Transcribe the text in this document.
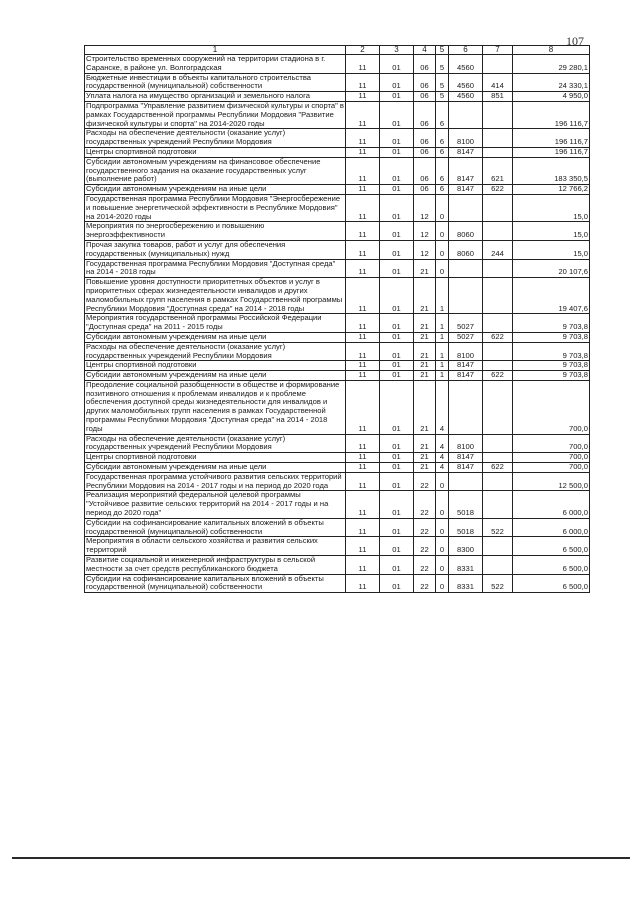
107
1	2	3	4	5	6	7	8
Строительство временных сооружений на территории стадиона в г. Саранске, в районе ул. Волгоградская	11	01	06	5	4560		29 280,1
Бюджетные инвестиции в объекты капитального строительства государственной (муниципальной) собственности	11	01	06	5	4560	414	24 330,1
Уплата налога на имущество организаций и земельного налога	11	01	06	5	4560	851	4 950,0
Подпрограмма "Управление развитием физической культуры и спорта" в рамках Государственной программы Республики Мордовия "Развитие физической культуры и спорта" на 2014-2020 годы	11	01	06	6			196 116,7
Расходы на обеспечение деятельности (оказание услуг) государственных учреждений Республики Мордовия	11	01	06	6	8100		196 116,7
Центры спортивной подготовки	11	01	06	6	8147		196 116,7
Субсидии автономным учреждениям на финансовое обеспечение государственного задания на оказание государственных услуг (выполнение работ)	11	01	06	6	8147	621	183 350,5
Субсидии автономным учреждениям на иные цели	11	01	06	6	8147	622	12 766,2
Государственная программа Республики Мордовия "Энергосбережение и повышение энергетической эффективности в Республике Мордовия" на 2014-2020 годы	11	01	12	0			15,0
Мероприятия по энергосбережению и повышению энергоэффективности	11	01	12	0	8060		15,0
Прочая закупка товаров, работ и услуг для обеспечения государственных (муниципальных) нужд	11	01	12	0	8060	244	15,0
Государственная программа Республики Мордовия "Доступная среда" на 2014 - 2018 годы	11	01	21	0			20 107,6
Повышение уровня доступности приоритетных объектов и услуг в приоритетных сферах жизнедеятельности инвалидов и других маломобильных групп населения в рамках Государственной программы Республики Мордовия "Доступная среда" на 2014 - 2018 годы	11	01	21	1			19 407,6
Мероприятия государственной программы Российской Федерации "Доступная среда" на 2011 - 2015 годы	11	01	21	1	5027		9 703,8
Субсидии автономным учреждениям на иные цели	11	01	21	1	5027	622	9 703,8
Расходы на обеспечение деятельности (оказание услуг) государственных учреждений Республики Мордовия	11	01	21	1	8100		9 703,8
Центры спортивной подготовки	11	01	21	1	8147		9 703,8
Субсидии автономным учреждениям на иные цели	11	01	21	1	8147	622	9 703,8
Преодоление социальной разобщенности в обществе и формирование позитивного отношения к проблемам инвалидов и к проблеме обеспечения доступной среды жизнедеятельности для инвалидов и других маломобильных групп населения в рамках Государственной программы Республики Мордовия "Доступная среда" на 2014 - 2018 годы	11	01	21	4			700,0
Расходы на обеспечение деятельности (оказание услуг) государственных учреждений Республики Мордовия	11	01	21	4	8100		700,0
Центры спортивной подготовки	11	01	21	4	8147		700,0
Субсидии автономным учреждениям на иные цели	11	01	21	4	8147	622	700,0
Государственная программа устойчивого развития сельских территорий Республики Мордовия на 2014 - 2017 годы и на период до 2020 года	11	01	22	0			12 500,0
Реализация мероприятий федеральной целевой программы "Устойчивое развитие сельских территорий на 2014 - 2017 годы и на период до 2020 года"	11	01	22	0	5018		6 000,0
Субсидии на софинансирование капитальных вложений в объекты государственной (муниципальной) собственности	11	01	22	0	5018	522	6 000,0
Мероприятия в области сельского хозяйства и развития сельских территорий	11	01	22	0	8300		6 500,0
Развитие социальной и инженерной инфраструктуры в сельской местности за счет средств республиканского бюджета	11	01	22	0	8331		6 500,0
Субсидии на софинансирование капитальных вложений в объекты государственной (муниципальной) собственности	11	01	22	0	8331	522	6 500,0
